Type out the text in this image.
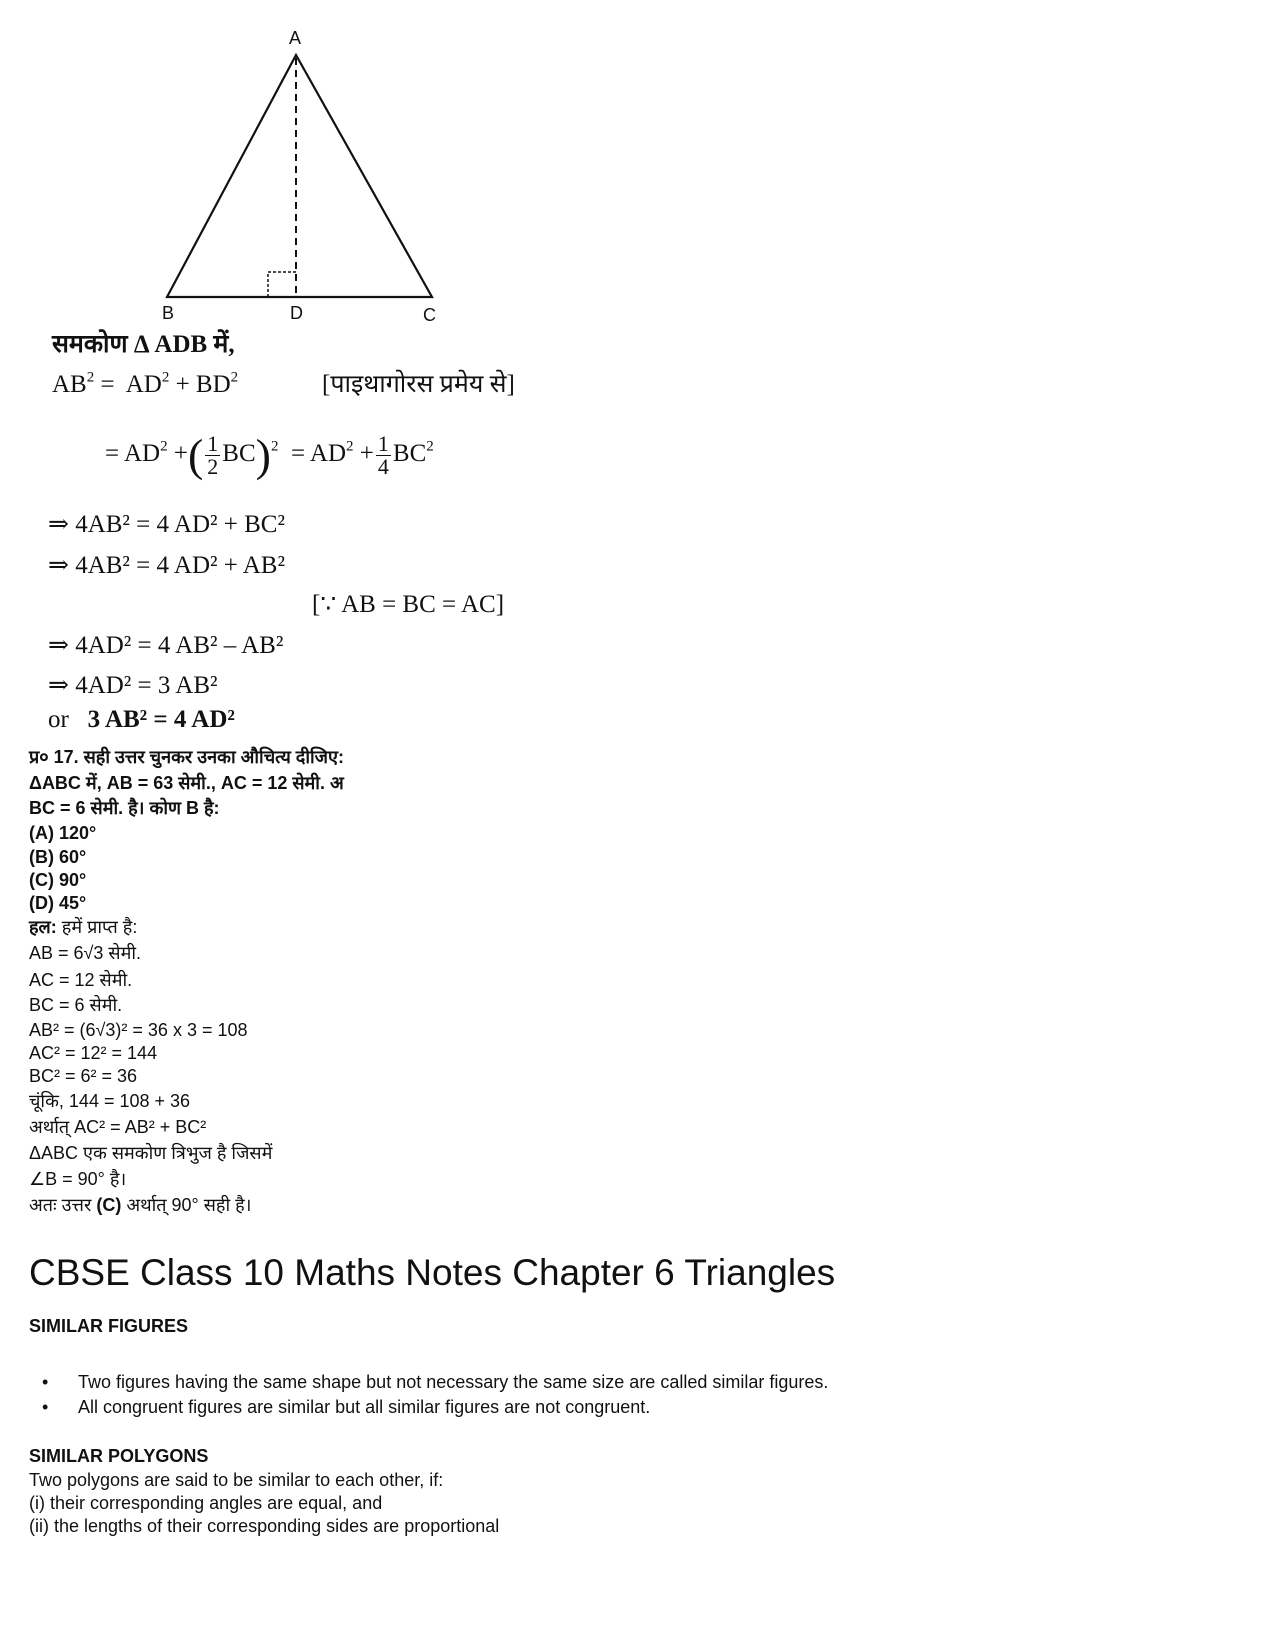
A
B	D	C
समकोण Δ ADB में,
$AB^2 = AD^2 + BD^2$	[पाइथागोरस प्रमेय से]
= $AD^2$ +( $\frac{1}{2} BC)^2 = AD^2 + \frac{1}{4} BC^2$
⇒ 4AB² = 4 AD² + BC²
⇒ 4AB² = 4 AD² + AB²
[∵ AB = BC = AC]
⇒ 4AD² = 4 AB² – AB²
⇒ 4AD² = 3 AB²
or 3 AB² = 4 AD²
प्र० 17. सही उत्तर चुनकर उनका औचित्य दीजिए:
ΔABC में, AB = 63 सेमी., AC = 12 सेमी. अ
BC = 6 सेमी. है। कोण B है:
(A) 120°
(B) 60°
(C) 90°
(D) 45°
हल: हमें प्राप्त है:
AB = 6√3 सेमी.
AC = 12 सेमी.
BC = 6 सेमी.
AB² = (6√3)² = 36 x 3 = 108
AC² = 12² = 144
BC² = 6² = 36
चूंकि, 144 = 108 + 36
अर्थात् AC² = AB² + BC²
ΔABC एक समकोण त्रिभुज है जिसमें
∠B = 90° है।
अतः उत्तर (C) अर्थात् 90° सही है।
CBSE Class 10 Maths Notes Chapter 6 Triangles
SIMILAR FIGURES
• Two figures having the same shape but not necessary the same size are called similar figures.
• All congruent figures are similar but all similar figures are not congruent.
SIMILAR POLYGONS
Two polygons are said to be similar to each other, if:
(i) their corresponding angles are equal, and
(ii) the lengths of their corresponding sides are proportional
